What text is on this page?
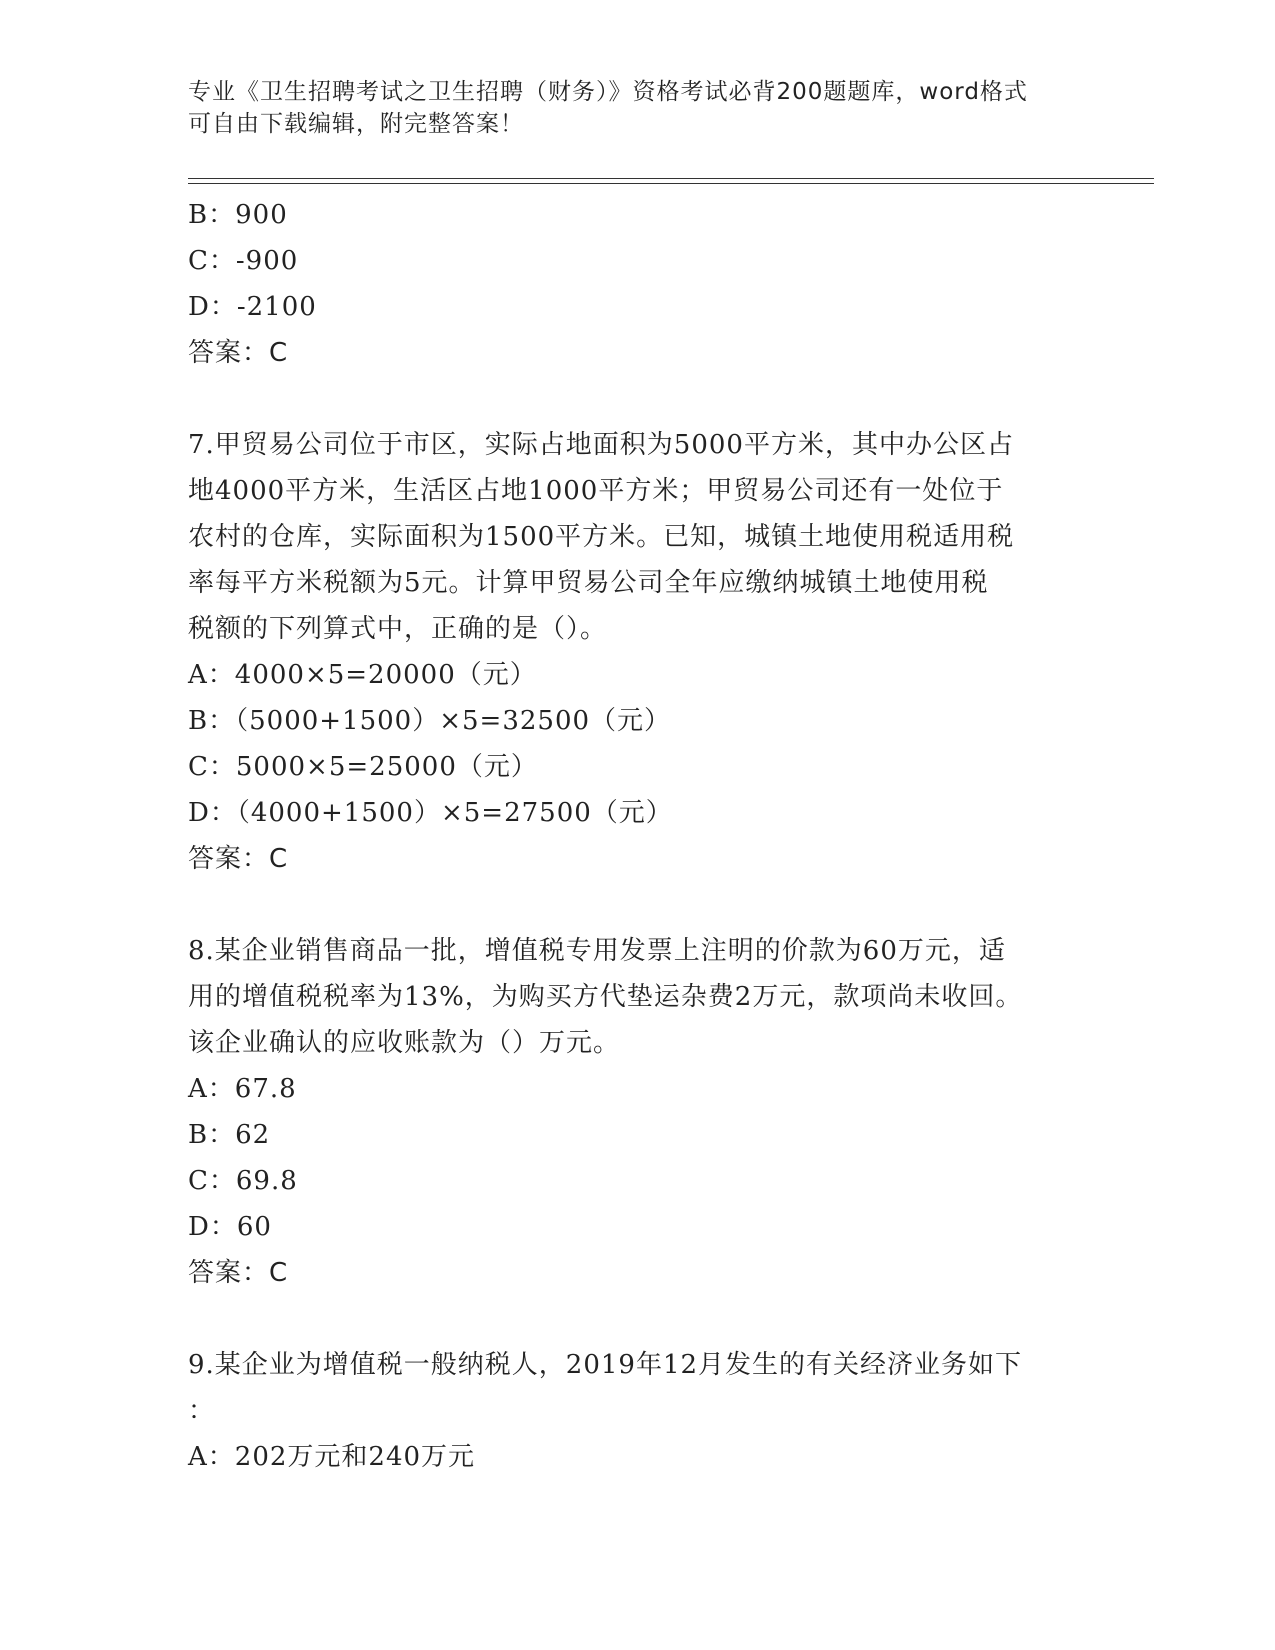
专业《卫生招聘考试之卫生招聘（财务）》资格考试必背200题题库，word格式
可自由下载编辑，附完整答案！
B：900
C：-900
D：-2100
答案：C
7.甲贸易公司位于市区，实际占地面积为5000平方米，其中办公区占
地4000平方米，生活区占地1000平方米；甲贸易公司还有一处位于
农村的仓库，实际面积为1500平方米。已知，城镇土地使用税适用税
率每平方米税额为5元。计算甲贸易公司全年应缴纳城镇土地使用税
税额的下列算式中，正确的是（）。
A：4000×5=20000（元）
B：（5000+1500）×5=32500（元）
C：5000×5=25000（元）
D：（4000+1500）×5=27500（元）
答案：C
8.某企业销售商品一批，增值税专用发票上注明的价款为60万元，适
用的增值税税率为13%，为购买方代垫运杂费2万元，款项尚未收回。
该企业确认的应收账款为（）万元。
A：67.8
B：62
C：69.8
D：60
答案：C
9.某企业为增值税一般纳税人，2019年12月发生的有关经济业务如下
：
A：202万元和240万元
